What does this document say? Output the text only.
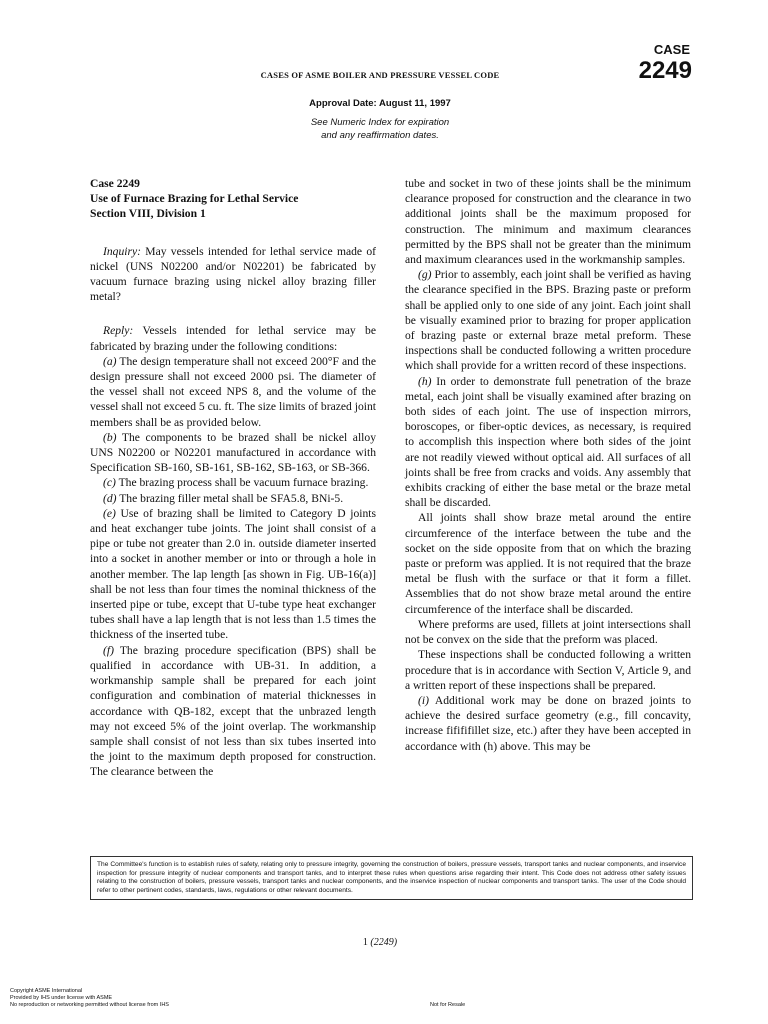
CASE
2249
CASES OF ASME BOILER AND PRESSURE VESSEL CODE
Approval Date: August 11, 1997
See Numeric Index for expiration
and any reaffirmation dates.

Case 2249

Use of Furnace Brazing for Lethal Service

Section VIII, Division 1

Inquiry: May vessels intended for lethal service made of nickel (UNS N02200 and/or N02201) be fabricated by vacuum furnace brazing using nickel alloy brazing filler metal?

Reply: Vessels intended for lethal service may be fabricated by brazing under the following conditions:

(a) The design temperature shall not exceed 200°F and the design pressure shall not exceed 2000 psi. The diameter of the vessel shall not exceed NPS 8, and the volume of the vessel shall not exceed 5 cu. ft. The size limits of brazed joint members shall be as provided below.

(b) The components to be brazed shall be nickel alloy UNS N02200 or N02201 manufactured in accordance with Specification SB-160, SB-161, SB-162, SB-163, or SB-366.

(c) The brazing process shall be vacuum furnace brazing.

(d) The brazing filler metal shall be SFA5.8, BNi-5.

(e) Use of brazing shall be limited to Category D joints and heat exchanger tube joints. The joint shall consist of a pipe or tube not greater than 2.0 in. outside diameter inserted into a socket in another member or into or through a hole in another member. The lap length [as shown in Fig. UB-16(a)] shall be not less than four times the nominal thickness of the inserted pipe or tube, except that U-tube type heat exchanger tubes shall have a lap length that is not less than 1.5 times the thickness of the inserted tube.

(f) The brazing procedure specification (BPS) shall be qualified in accordance with UB-31. In addition, a workmanship sample shall be prepared for each joint configuration and combination of material thicknesses in accordance with QB-182, except that the unbrazed length may not exceed 5% of the joint overlap. The workmanship sample shall consist of not less than six tubes inserted into the joint to the maximum depth proposed for construction. The clearance between the

tube and socket in two of these joints shall be the minimum clearance proposed for construction and the clearance in two additional joints shall be the maximum proposed for construction. The minimum and maximum clearances permitted by the BPS shall not be greater than the minimum and maximum clearances used in the workmanship samples.

(g) Prior to assembly, each joint shall be verified as having the clearance specified in the BPS. Brazing paste or preform shall be applied only to one side of any joint. Each joint shall be visually examined prior to brazing for proper application of brazing paste or external braze metal preform. These inspections shall be conducted following a written procedure which shall provide for a written record of these inspections.

(h) In order to demonstrate full penetration of the braze metal, each joint shall be visually examined after brazing on both sides of each joint. The use of inspection mirrors, boroscopes, or fiber-optic devices, as necessary, is required to accomplish this inspection where both sides of the joint are not readily viewed without optical aid. All surfaces of all joints shall be free from cracks and voids. Any assembly that exhibits cracking of either the base metal or the braze metal shall be discarded.

All joints shall show braze metal around the entire circumference of the interface between the tube and the socket on the side opposite from that on which the brazing paste or preform was applied. It is not required that the braze metal be flush with the surface or that it form a fillet. Assemblies that do not show braze metal around the entire circumference of the interface shall be discarded.

Where preforms are used, fillets at joint intersections shall not be convex on the side that the preform was placed.

These inspections shall be conducted following a written procedure that is in accordance with Section V, Article 9, and a written report of these inspections shall be prepared.

(i) Additional work may be done on brazed joints to achieve the desired surface geometry (e.g., fill concavity, increase fifififillet size, etc.) after they have been accepted in accordance with (h) above. This may be

The Committee's function is to establish rules of safety, relating only to pressure integrity, governing the construction of boilers, pressure vessels, transport tanks and nuclear components, and inservice inspection for pressure integrity of nuclear components and transport tanks, and to interpret these rules when questions arise regarding their intent. This Code does not address other safety issues relating to the construction of boilers, pressure vessels, transport tanks and nuclear components, and the inservice inspection of nuclear components and transport tanks. The user of the Code should refer to other pertinent codes, standards, laws, regulations or other relevant documents.
1 (2249)
Copyright ASME International
Provided by IHS under license with ASME
No reproduction or networking permitted without license from IHS	Not for Resale
